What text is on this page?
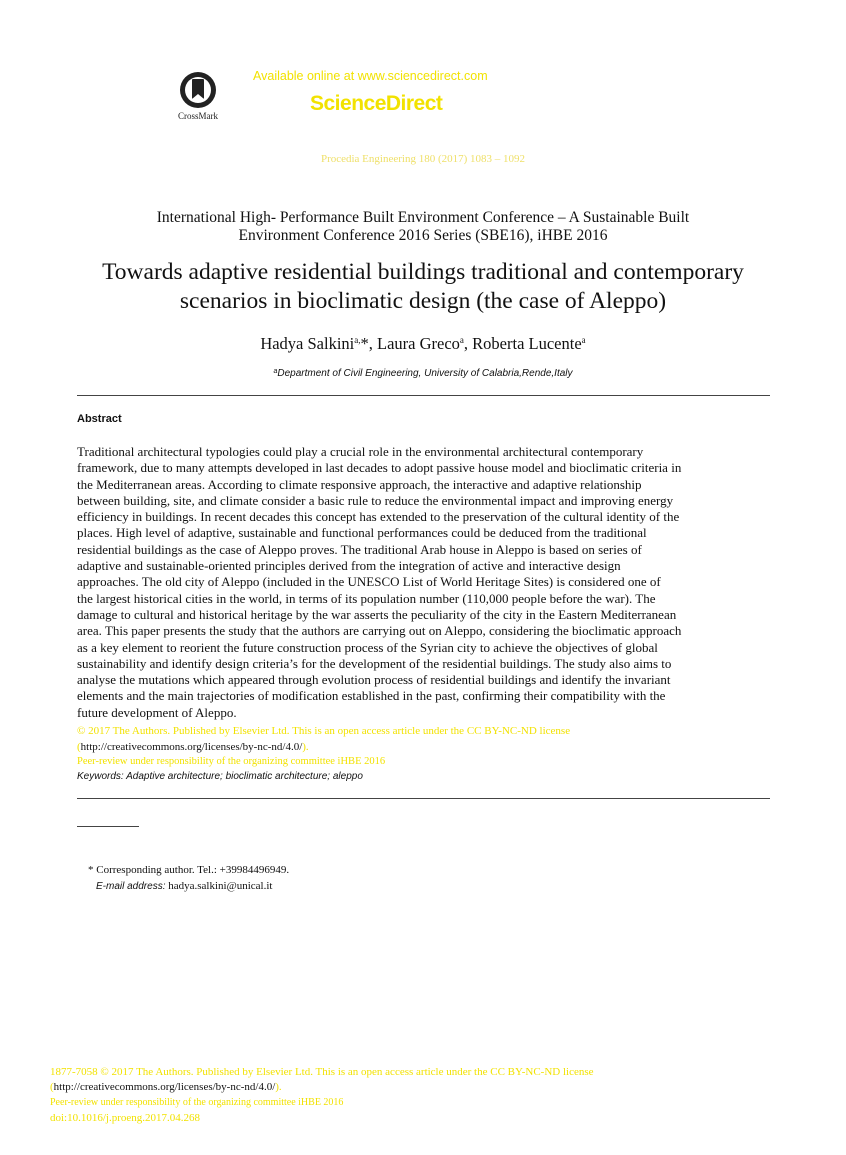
CrossMark
Available online at www.sciencedirect.com
ScienceDirect
Procedia Engineering 180 (2017) 1083 – 1092
International High- Performance Built Environment Conference – A Sustainable Built
Environment Conference 2016 Series (SBE16), iHBE 2016
Towards adaptive residential buildings traditional and contemporary
scenarios in bioclimatic design (the case of Aleppo)
Hadya Salkini$^{a,}$*, Laura Greco$^a$, Roberta Lucente$^a$
$^a$Department of Civil Engineering, University of Calabria,Rende,Italy
Abstract
Traditional architectural typologies could play a crucial role in the environmental architectural contemporary
framework, due to many attempts developed in last decades to adopt passive house model and bioclimatic criteria in
the Mediterranean areas. According to climate responsive approach, the interactive and adaptive relationship
between building, site, and climate consider a basic rule to reduce the environmental impact and improving energy
efficiency in buildings. In recent decades this concept has extended to the preservation of the cultural identity of the
places. High level of adaptive, sustainable and functional performances could be deduced from the traditional
residential buildings as the case of Aleppo proves. The traditional Arab house in Aleppo is based on series of
adaptive and sustainable-oriented principles derived from the integration of active and interactive design
approaches. The old city of Aleppo (included in the UNESCO List of World Heritage Sites) is considered one of
the largest historical cities in the world, in terms of its population number (110,000 people before the war). The
damage to cultural and historical heritage by the war asserts the peculiarity of the city in the Eastern Mediterranean
area. This paper presents the study that the authors are carrying out on Aleppo, considering the bioclimatic approach
as a key element to reorient the future construction process of the Syrian city to achieve the objectives of global
sustainability and identify design criteria’s for the development of the residential buildings. The study also aims to
analyse the mutations which appeared through evolution process of residential buildings and identify the invariant
elements and the main trajectories of modification established in the past, confirming their compatibility with the
future development of Aleppo.
© 2017 The Authors. Published by Elsevier Ltd. This is an open access article under the CC BY-NC-ND license
(http://creativecommons.org/licenses/by-nc-nd/4.0/).
Peer-review under responsibility of the organizing committee iHBE 2016
Keywords: Adaptive architecture; bioclimatic architecture; aleppo
* Corresponding author. Tel.: +39984496949.
E-mail address: hadya.salkini@unical.it
1877-7058 © 2017 The Authors. Published by Elsevier Ltd. This is an open access article under the CC BY-NC-ND license
(http://creativecommons.org/licenses/by-nc-nd/4.0/).
Peer-review under responsibility of the organizing committee iHBE 2016
doi:10.1016/j.proeng.2017.04.268
